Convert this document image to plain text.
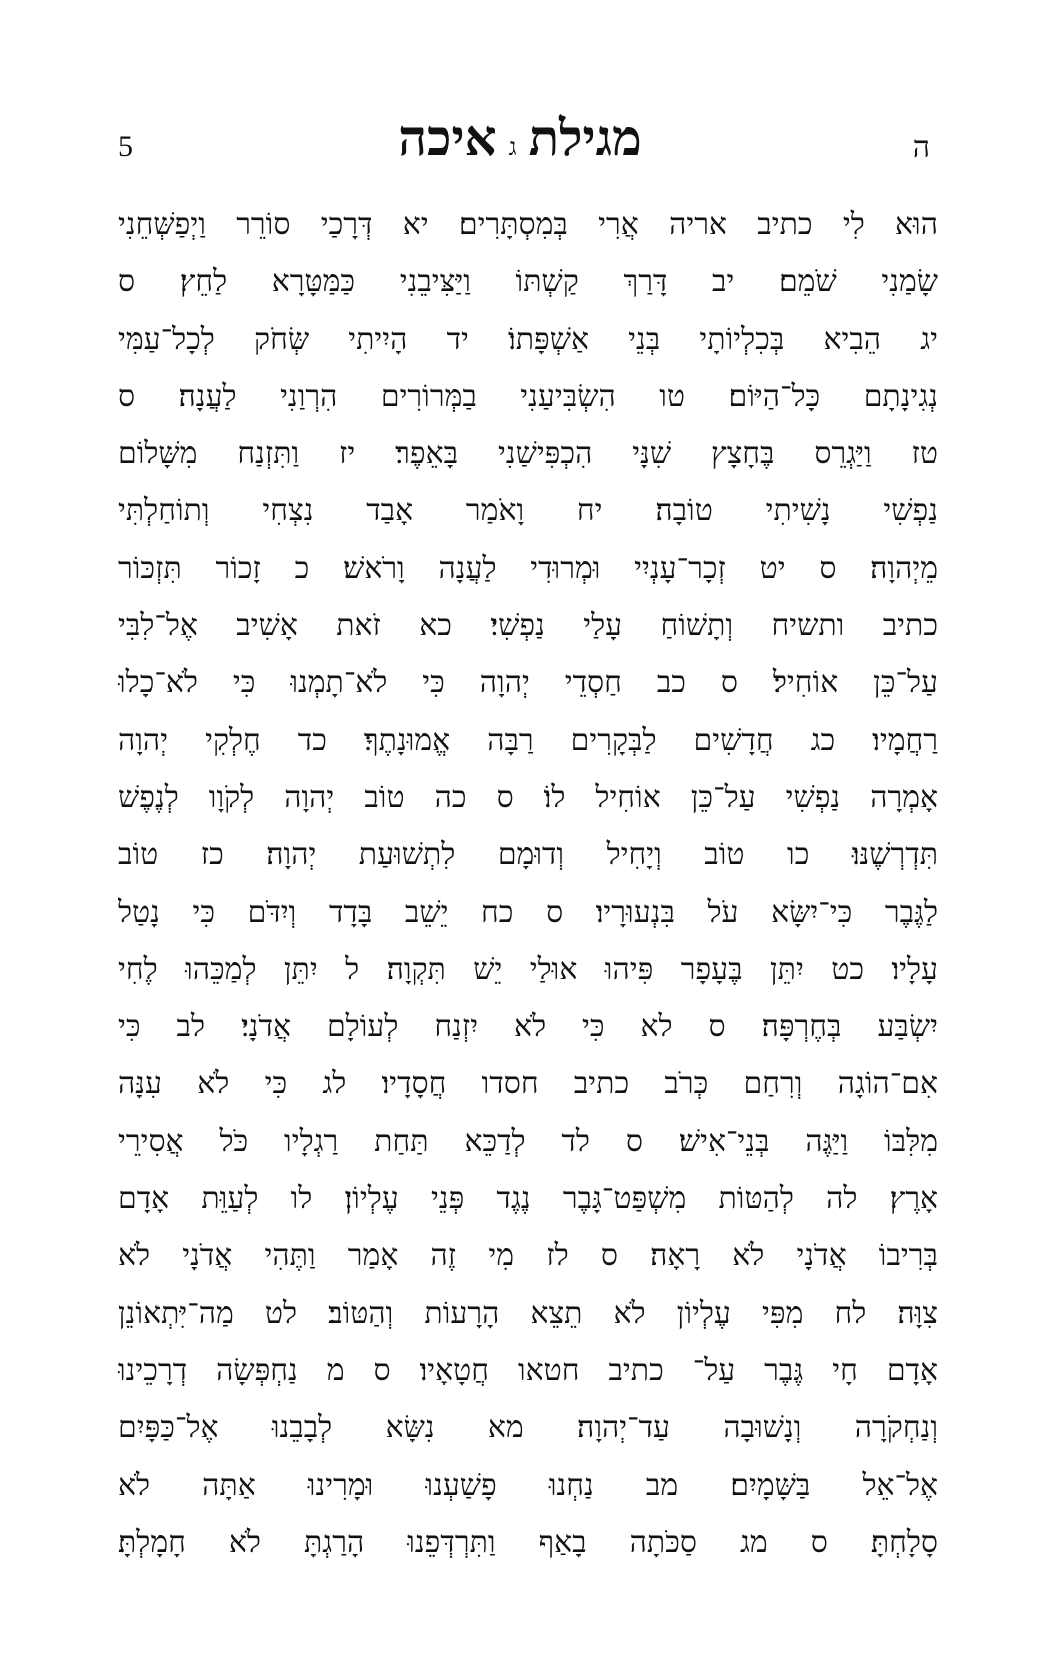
5	מגילתגאיכה	ה
הוּא לִי כתיב אריה אֲרִי בְּמִסְתָּרִים׃ יא דְּרָכַי סוֹרֵר וַיְפַשְּׁחֵנִי
שָׂמַנִי שֹׁמֵם׃ יב דָּרַךְ קַשְׁתּוֹ וַיַּצִּיבֵנִי כַּמַּטָּרָא לַחֵץ׃ ס
יג הֵבִיא בְּכִלְיוֹתָי בְּנֵי אַשְׁפָּתוֹ׃ יד הָיִיתִי שְּׂחֹק לְכָל־עַמִּי
נְגִינָתָם כָּל־הַיּוֹם׃ טו הִשְׂבִּיעַנִי בַמְּרוֹרִים הִרְוַנִי לַעֲנָה׃ ס
טז וַיַּגְרֵס בֶּחָצָץ שִׁנָּי הִכְפִּישַׁנִי בָּאֵפֶר׃ יז וַתִּזְנַח מִשָּׁלוֹם
נַפְשִׁי נָשִׁיתִי טוֹבָה׃ יח וָאֹמַר אָבַד נִצְחִי וְתוֹחַלְתִּי
מֵיְהוָה׃ ס יט זְכָר־עָנְיִי וּמְרוּדִי לַעֲנָה וָרֹאשׁ׃ כ זָכוֹר תִּזְכּוֹר
כתיב ותשיח וְתָשׁוֹחַ עָלַי נַפְשִׁי׃ כא זֹאת אָשִׁיב אֶל־לִבִּי
עַל־כֵּן אוֹחִיל׃ ס כב חַסְדֵי יְהוָה כִּי לֹא־תָמְנוּ כִּי לֹא־כָלוּ
רַחֲמָיו׃ כג חֲדָשִׁים לַבְּקָרִים רַבָּה אֱמוּנָתֶךָ׃ כד חֶלְקִי יְהוָה
אָמְרָה נַפְשִׁי עַל־כֵּן אוֹחִיל לוֹ׃ ס כה טוֹב יְהוָה לְקֹוָו לְנֶפֶשׁ
תִּדְרְשֶׁנּוּ׃ כו טוֹב וְיָחִיל וְדוּמָם לִתְשׁוּעַת יְהוָה׃ כז טוֹב
לַגֶּבֶר כִּי־יִשָּׂא עֹל בִּנְעוּרָיו׃ ס כח יֵשֵׁב בָּדָד וְיִדֹּם כִּי נָטַל
עָלָיו׃ כט יִתֵּן בֶּעָפָר פִּיהוּ אוּלַי יֵשׁ תִּקְוָה׃ ל יִתֵּן לְמַכֵּהוּ לֶחִי
יִשְׂבַּע בְּחֶרְפָּה׃ ס לא כִּי לֹא יִזְנַח לְעוֹלָם אֲדֹנָי׃ לב כִּי
אִם־הוֹגָה וְרִחַם כְּרֹב כתיב חסדו חֲסָדָיו׃ לג כִּי לֹא עִנָּה
מִלִּבּוֹ וַיַּגֶּה בְּנֵי־אִישׁ׃ ס לד לְדַכֵּא תַּחַת רַגְלָיו כֹּל אֲסִירֵי
אָרֶץ׃ לה לְהַטּוֹת מִשְׁפַּט־גָּבֶר נֶגֶד פְּנֵי עֶלְיוֹן׃ לו לְעַוֵּת אָדָם
בְּרִיבוֹ אֲדֹנָי לֹא רָאָה׃ ס לז מִי זֶה אָמַר וַתֶּהִי אֲדֹנָי לֹא
צִוָּה׃ לח מִפִּי עֶלְיוֹן לֹא תֵצֵא הָרָעוֹת וְהַטּוֹב׃ לט מַה־יִּתְאוֹנֵן
אָדָם חָי גֶּבֶר עַל־ כתיב חטאו חֲטָאָיו׃ ס מ נַחְפְּשָׂה דְרָכֵינוּ
וְנַחְקֹרָה וְנָשׁוּבָה עַד־יְהוָה׃ מא נִשָּׂא לְבָבֵנוּ אֶל־כַּפָּיִם
אֶל־אֵל בַּשָּׁמָיִם׃ מב נַחְנוּ פָשַׁעְנוּ וּמָרִינוּ אַתָּה לֹא
סָלָחְתָּ׃ ס מג סַכֹּתָה בָאַף וַתִּרְדְּפֵנוּ הָרַגְתָּ לֹא חָמָלְתָּ׃
